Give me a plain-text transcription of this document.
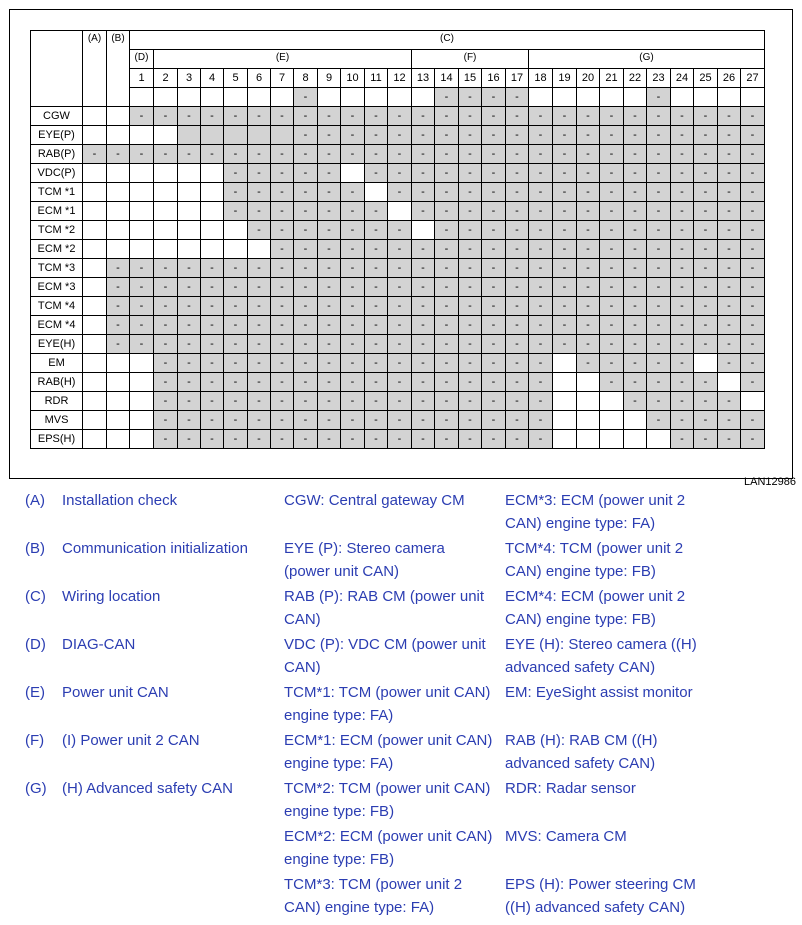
LAN12986
	(A)	(B)	(C)																										
			(D)	(E)											(F)					(G)									
			1	2	3	4	5	6	7	8	9	10	11	12	13	14	15	16	17	18	19	20	21	22	23	24	25	26	27
										-						-	-	-	-						-				
CGW			-	-	-	-	-	-	-	-	-	-	-	-	-	-	-	-	-	-	-	-	-	-	-	-	-	-	-
EYE(P)										-	-	-	-	-	-	-	-	-	-	-	-	-	-	-	-	-	-	-	-
RAB(P)	-	-	-	-	-	-	-	-	-	-	-	-	-	-	-	-	-	-	-	-	-	-	-	-	-	-	-	-	-
VDC(P)							-	-	-	-	-		-	-	-	-	-	-	-	-	-	-	-	-	-	-	-	-	-
TCM *1							-	-	-	-	-	-		-	-	-	-	-	-	-	-	-	-	-	-	-	-	-	-
ECM *1							-	-	-	-	-	-	-		-	-	-	-	-	-	-	-	-	-	-	-	-	-	-
TCM *2								-	-	-	-	-	-	-		-	-	-	-	-	-	-	-	-	-	-	-	-	-
ECM *2									-	-	-	-	-	-	-	-	-	-	-	-	-	-	-	-	-	-	-	-	-
TCM *3		-	-	-	-	-	-	-	-	-	-	-	-	-	-	-	-	-	-	-	-	-	-	-	-	-	-	-	-
ECM *3		-	-	-	-	-	-	-	-	-	-	-	-	-	-	-	-	-	-	-	-	-	-	-	-	-	-	-	-
TCM *4		-	-	-	-	-	-	-	-	-	-	-	-	-	-	-	-	-	-	-	-	-	-	-	-	-	-	-	-
ECM *4		-	-	-	-	-	-	-	-	-	-	-	-	-	-	-	-	-	-	-	-	-	-	-	-	-	-	-	-
EYE(H)		-	-	-	-	-	-	-	-	-	-	-	-	-	-	-	-	-	-	-	-	-	-	-	-	-	-	-	-
EM				-	-	-	-	-	-	-	-	-	-	-	-	-	-	-	-	-		-	-	-	-	-		-	-
RAB(H)				-	-	-	-	-	-	-	-	-	-	-	-	-	-	-	-	-			-	-	-	-	-		-
RDR				-	-	-	-	-	-	-	-	-	-	-	-	-	-	-	-	-				-	-	-	-	-	
MVS				-	-	-	-	-	-	-	-	-	-	-	-	-	-	-	-	-					-	-	-	-	-
EPS(H)				-	-	-	-	-	-	-	-	-	-	-	-	-	-	-	-	-						-	-	-	-
(A) Installation check
(B) Communication initialization
(C) Wiring location
(D) DIAG-CAN
(E) Power unit CAN
(F) (I) Power unit 2 CAN
(G) (H) Advanced safety CAN
CGW: Central gateway CM
EYE (P): Stereo camera
(power unit CAN)
RAB (P): RAB CM (power unit
CAN)
VDC (P): VDC CM (power unit
CAN)
TCM*1: TCM (power unit CAN)
engine type: FA)
ECM*1: ECM (power unit CAN)
engine type: FA)
TCM*2: TCM (power unit CAN)
engine type: FB)
ECM*2: ECM (power unit CAN)
engine type: FB)
TCM*3: TCM (power unit 2
CAN) engine type: FA)
ECM*3: ECM (power unit 2
CAN) engine type: FA)
TCM*4: TCM (power unit 2
CAN) engine type: FB)
ECM*4: ECM (power unit 2
CAN) engine type: FB)
EYE (H): Stereo camera ((H)
advanced safety CAN)
EM: EyeSight assist monitor
RAB (H): RAB CM ((H)
advanced safety CAN)
RDR: Radar sensor
MVS: Camera CM
EPS (H): Power steering CM
((H) advanced safety CAN)
